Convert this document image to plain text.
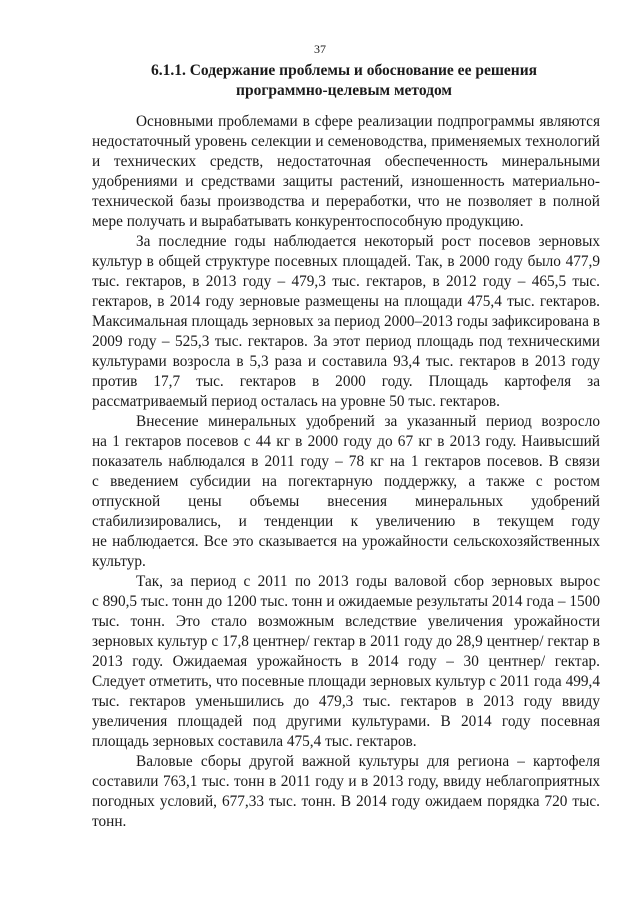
37
6.1.1. Содержание проблемы и обоснование ее решения
программно-целевым методом
Основными проблемами в сфере реализации подпрограммы являются
недостаточный уровень селекции и семеноводства, применяемых технологий
и технических средств, недостаточная обеспеченность минеральными
удобрениями и средствами защиты растений, изношенность материально-
технической базы производства и переработки, что не позволяет в полной
мере получать и вырабатывать конкурентоспособную продукцию.
За последние годы наблюдается некоторый рост посевов зерновых
культур в общей структуре посевных площадей. Так, в 2000 году было 477,9
тыс. гектаров, в 2013 году – 479,3 тыс. гектаров, в 2012 году – 465,5 тыс.
гектаров, в 2014 году зерновые размещены на площади 475,4 тыс. гектаров.
Максимальная площадь зерновых за период 2000–2013 годы зафиксирована в
2009 году – 525,3 тыс. гектаров. За этот период площадь под техническими
культурами возросла в 5,3 раза и составила 93,4 тыс. гектаров в 2013 году
против 17,7 тыс. гектаров в 2000 году. Площадь картофеля за
рассматриваемый период осталась на уровне 50 тыс. гектаров.
Внесение минеральных удобрений за указанный период возросло
на 1 гектаров посевов с 44 кг в 2000 году до 67 кг в 2013 году. Наивысший
показатель наблюдался в 2011 году – 78 кг на 1 гектаров посевов. В связи
с введением субсидии на погектарную поддержку, а также с ростом
отпускной цены объемы внесения минеральных удобрений
стабилизировались, и тенденции к увеличению в текущем году
не наблюдается. Все это сказывается на урожайности сельскохозяйственных
культур.
Так, за период с 2011 по 2013 годы валовой сбор зерновых вырос
с 890,5 тыс. тонн до 1200 тыс. тонн и ожидаемые результаты 2014 года – 1500
тыс. тонн. Это стало возможным вследствие увеличения урожайности
зерновых культур с 17,8 центнер/ гектар в 2011 году до 28,9 центнер/ гектар в
2013 году. Ожидаемая урожайность в 2014 году – 30 центнер/ гектар.
Следует отметить, что посевные площади зерновых культур с 2011 года 499,4
тыс. гектаров уменьшились до 479,3 тыс. гектаров в 2013 году ввиду
увеличения площадей под другими культурами. В 2014 году посевная
площадь зерновых составила 475,4 тыс. гектаров.
Валовые сборы другой важной культуры для региона – картофеля
составили 763,1 тыс. тонн в 2011 году и в 2013 году, ввиду неблагоприятных
погодных условий, 677,33 тыс. тонн. В 2014 году ожидаем порядка 720 тыс.
тонн.
